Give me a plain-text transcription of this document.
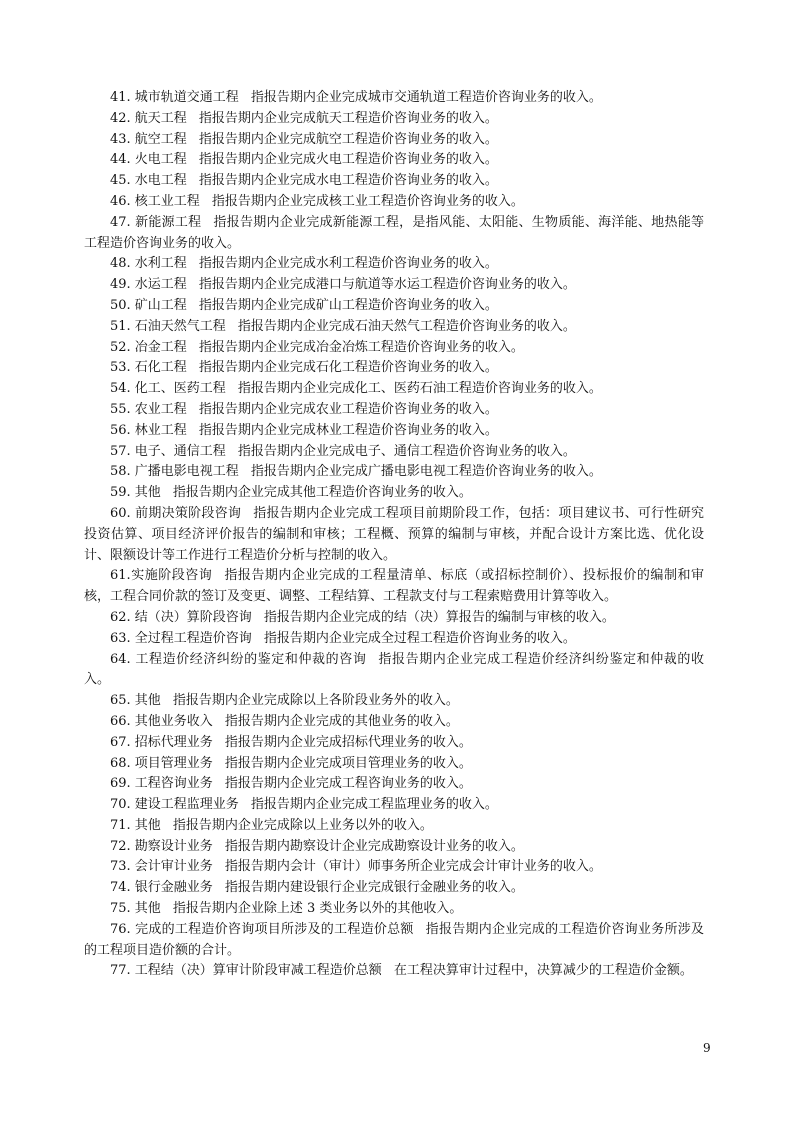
41. 城市轨道交通工程 指报告期内企业完成城市交通轨道工程造价咨询业务的收入。

42. 航天工程 指报告期内企业完成航天工程造价咨询业务的收入。

43. 航空工程 指报告期内企业完成航空工程造价咨询业务的收入。

44. 火电工程 指报告期内企业完成火电工程造价咨询业务的收入。

45. 水电工程 指报告期内企业完成水电工程造价咨询业务的收入。

46. 核工业工程 指报告期内企业完成核工业工程造价咨询业务的收入。

47. 新能源工程 指报告期内企业完成新能源工程，是指风能、太阳能、生物质能、海洋能、地热能等工程造价咨询业务的收入。

48. 水利工程 指报告期内企业完成水利工程造价咨询业务的收入。

49. 水运工程 指报告期内企业完成港口与航道等水运工程造价咨询业务的收入。

50. 矿山工程 指报告期内企业完成矿山工程造价咨询业务的收入。

51. 石油天然气工程 指报告期内企业完成石油天然气工程造价咨询业务的收入。

52. 冶金工程 指报告期内企业完成冶金冶炼工程造价咨询业务的收入。

53. 石化工程 指报告期内企业完成石化工程造价咨询业务的收入。

54. 化工、医药工程 指报告期内企业完成化工、医药石油工程造价咨询业务的收入。

55. 农业工程 指报告期内企业完成农业工程造价咨询业务的收入。

56. 林业工程 指报告期内企业完成林业工程造价咨询业务的收入。

57. 电子、通信工程 指报告期内企业完成电子、通信工程造价咨询业务的收入。

58. 广播电影电视工程 指报告期内企业完成广播电影电视工程造价咨询业务的收入。

59. 其他 指报告期内企业完成其他工程造价咨询业务的收入。

60. 前期决策阶段咨询 指报告期内企业完成工程项目前期阶段工作，包括：项目建议书、可行性研究投资估算、项目经济评价报告的编制和审核；工程概、预算的编制与审核，并配合设计方案比选、优化设计、限额设计等工作进行工程造价分析与控制的收入。

61.实施阶段咨询 指报告期内企业完成的工程量清单、标底（或招标控制价）、投标报价的编制和审核，工程合同价款的签订及变更、调整、工程结算、工程款支付与工程索赔费用计算等收入。

62. 结（决）算阶段咨询 指报告期内企业完成的结（决）算报告的编制与审核的收入。

63. 全过程工程造价咨询 指报告期内企业完成全过程工程造价咨询业务的收入。

64. 工程造价经济纠纷的鉴定和仲裁的咨询 指报告期内企业完成工程造价经济纠纷鉴定和仲裁的收入。

65. 其他 指报告期内企业完成除以上各阶段业务外的收入。

66. 其他业务收入 指报告期内企业完成的其他业务的收入。

67. 招标代理业务 指报告期内企业完成招标代理业务的收入。

68. 项目管理业务 指报告期内企业完成项目管理业务的收入。

69. 工程咨询业务 指报告期内企业完成工程咨询业务的收入。

70. 建设工程监理业务 指报告期内企业完成工程监理业务的收入。

71. 其他 指报告期内企业完成除以上业务以外的收入。

72. 勘察设计业务 指报告期内勘察设计企业完成勘察设计业务的收入。

73. 会计审计业务 指报告期内会计（审计）师事务所企业完成会计审计业务的收入。

74. 银行金融业务 指报告期内建设银行企业完成银行金融业务的收入。

75. 其他 指报告期内企业除上述 3 类业务以外的其他收入。

76. 完成的工程造价咨询项目所涉及的工程造价总额 指报告期内企业完成的工程造价咨询业务所涉及的工程项目造价额的合计。

77. 工程结（决）算审计阶段审减工程造价总额 在工程决算审计过程中，决算减少的工程造价金额。

9
